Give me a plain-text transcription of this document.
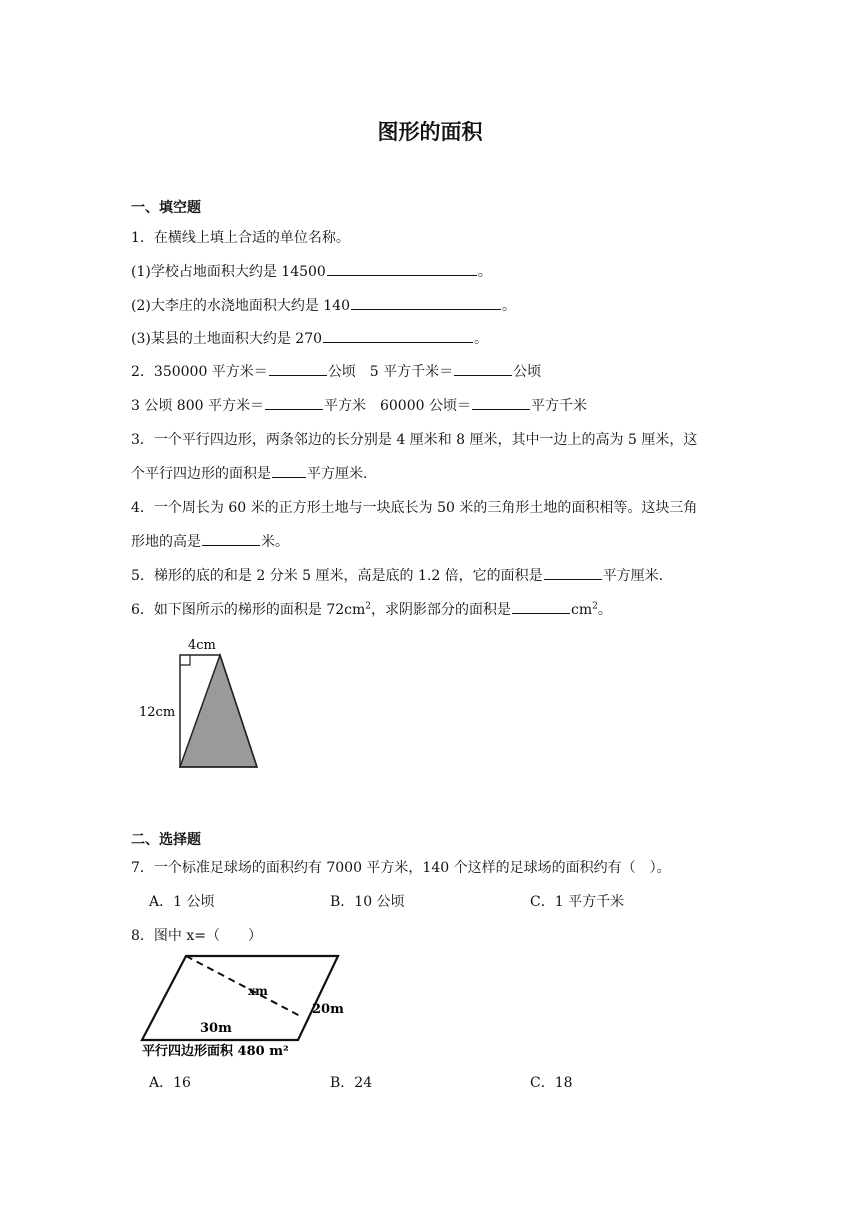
图形的面积
一、填空题
1．在横线上填上合适的单位名称。
(1)学校占地面积大约是 14500	。
(2)大李庄的水浇地面积大约是 140	。
(3)某县的土地面积大约是 270	。
2．350000 平方米＝	公顷　5 平方千米＝	公顷
3 公顷 800 平方米＝	平方米　60000 公顷＝	平方千米
3．一个平行四边形，两条邻边的长分别是 4 厘米和 8 厘米，其中一边上的高为 5 厘米，这
个平行四边形的面积是	平方厘米.
4．一个周长为 60 米的正方形土地与一块底长为 50 米的三角形土地的面积相等。这块三角
形地的高是	米。
5．梯形的底的和是 2 分米 5 厘米，高是底的 1.2 倍，它的面积是	平方厘米.
6．如下图所示的梯形的面积是 $72cm^2$，求阴影部分的面积是	$cm^2$。
4cm
12cm
二、选择题
7．一个标准足球场的面积约有 7000 平方米，140 个这样的足球场的面积约有（　）。
A．1 公顷	B．10 公顷	C．1 平方千米
8．图中 x=（　　）
xm
20m
30m
平行四边形面积 480 m²
A．16	B．24	C．18
